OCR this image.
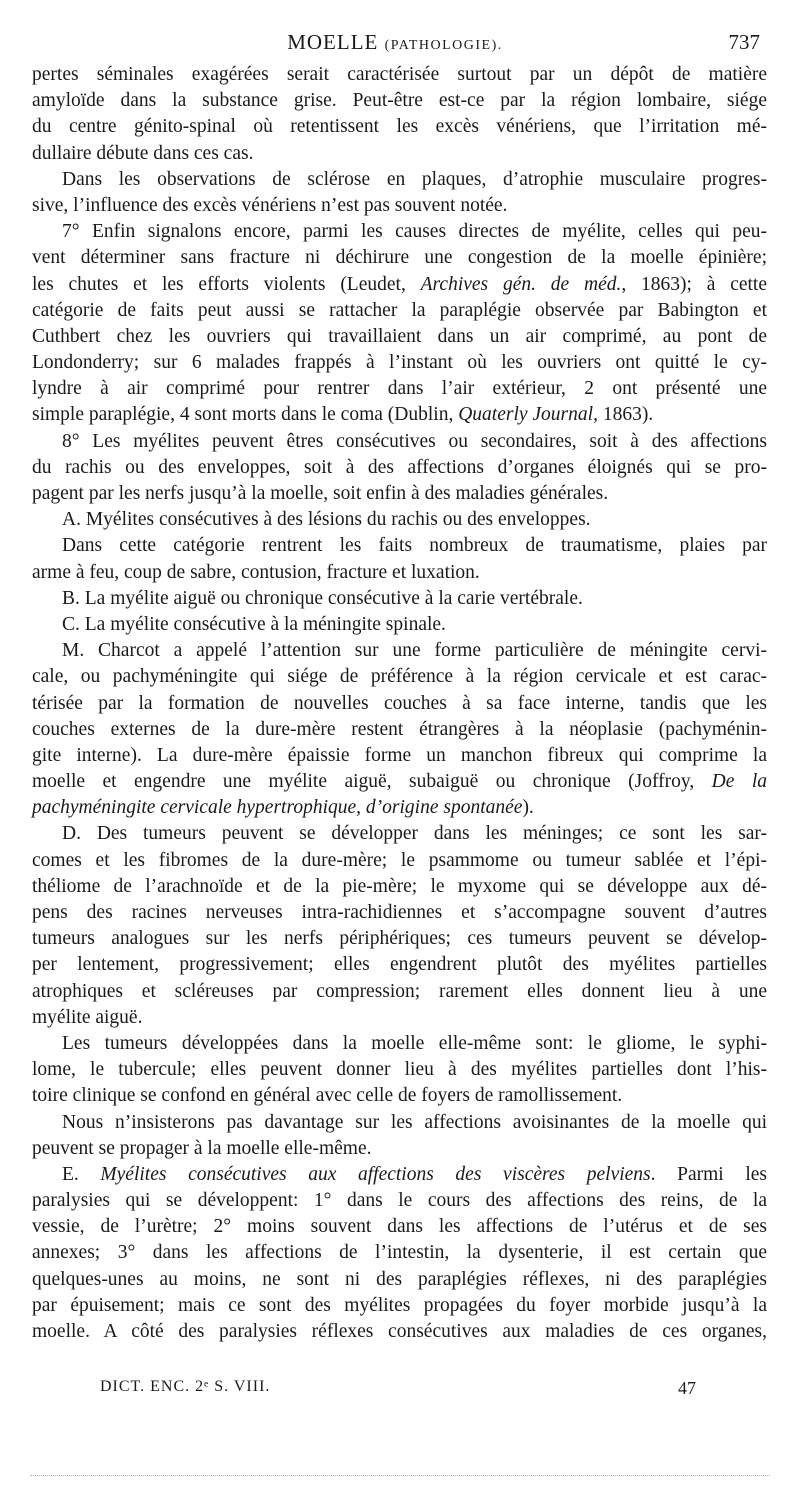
MOELLE (PATHOLOGIE).	737
pertes séminales exagérées serait caractérisée surtout par un dépôt de matière
amyloïde dans la substance grise. Peut-être est-ce par la région lombaire, siége
du centre génito-spinal où retentissent les excès vénériens, que l’irritation mé-
dullaire débute dans ces cas.
Dans les observations de sclérose en plaques, d’atrophie musculaire progres-
sive, l’influence des excès vénériens n’est pas souvent notée.
7° Enfin signalons encore, parmi les causes directes de myélite, celles qui peu-
vent déterminer sans fracture ni déchirure une congestion de la moelle épinière;
les chutes et les efforts violents (Leudet, Archives gén. de méd., 1863); à cette
catégorie de faits peut aussi se rattacher la paraplégie observée par Babington et
Cuthbert chez les ouvriers qui travaillaient dans un air comprimé, au pont de
Londonderry; sur 6 malades frappés à l’instant où les ouvriers ont quitté le cy-
lyndre à air comprimé pour rentrer dans l’air extérieur, 2 ont présenté une
simple paraplégie, 4 sont morts dans le coma (Dublin, Quaterly Journal, 1863).
8° Les myélites peuvent êtres consécutives ou secondaires, soit à des affections
du rachis ou des enveloppes, soit à des affections d’organes éloignés qui se pro-
pagent par les nerfs jusqu’à la moelle, soit enfin à des maladies générales.
A. Myélites consécutives à des lésions du rachis ou des enveloppes.
Dans cette catégorie rentrent les faits nombreux de traumatisme, plaies par
arme à feu, coup de sabre, contusion, fracture et luxation.
B. La myélite aiguë ou chronique consécutive à la carie vertébrale.
C. La myélite consécutive à la méningite spinale.
M. Charcot a appelé l’attention sur une forme particulière de méningite cervi-
cale, ou pachyméningite qui siége de préférence à la région cervicale et est carac-
térisée par la formation de nouvelles couches à sa face interne, tandis que les
couches externes de la dure-mère restent étrangères à la néoplasie (pachyménin-
gite interne). La dure-mère épaissie forme un manchon fibreux qui comprime la
moelle et engendre une myélite aiguë, subaiguë ou chronique (Joffroy, De la
pachyméningite cervicale hypertrophique, d’origine spontanée).
D. Des tumeurs peuvent se développer dans les méninges; ce sont les sar-
comes et les fibromes de la dure-mère; le psammome ou tumeur sablée et l’épi-
théliome de l’arachnoïde et de la pie-mère; le myxome qui se développe aux dé-
pens des racines nerveuses intra-rachidiennes et s’accompagne souvent d’autres
tumeurs analogues sur les nerfs périphériques; ces tumeurs peuvent se dévelop-
per lentement, progressivement; elles engendrent plutôt des myélites partielles
atrophiques et scléreuses par compression; rarement elles donnent lieu à une
myélite aiguë.
Les tumeurs développées dans la moelle elle-même sont: le gliome, le syphi-
lome, le tubercule; elles peuvent donner lieu à des myélites partielles dont l’his-
toire clinique se confond en général avec celle de foyers de ramollissement.
Nous n’insisterons pas davantage sur les affections avoisinantes de la moelle qui
peuvent se propager à la moelle elle-même.
E. Myélites consécutives aux affections des viscères pelviens. Parmi les
paralysies qui se développent: 1° dans le cours des affections des reins, de la
vessie, de l’urètre; 2° moins souvent dans les affections de l’utérus et de ses
annexes; 3° dans les affections de l’intestin, la dysenterie, il est certain que
quelques-unes au moins, ne sont ni des paraplégies réflexes, ni des paraplégies
par épuisement; mais ce sont des myélites propagées du foyer morbide jusqu’à la
moelle. A côté des paralysies réflexes consécutives aux maladies de ces organes,
DICT. ENC. 2ᵉ S. VIII.	47
